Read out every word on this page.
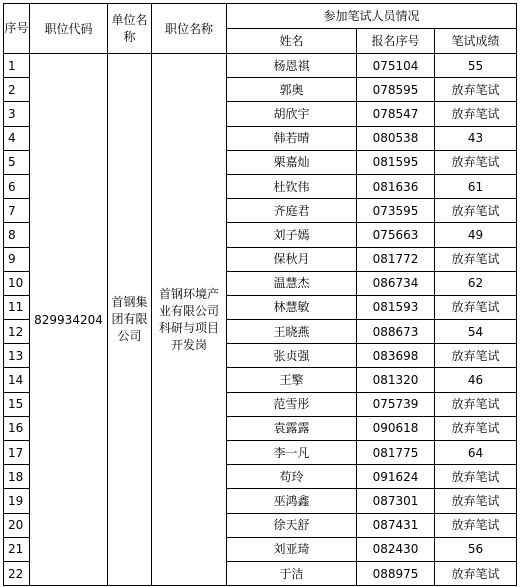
序号	职位代码	单位名称	职位名称	参加笔试人员情况		
				姓名	报名序号	笔试成绩
1	829934204	首钢集团有限公司	首钢环境产业有限公司科研与项目开发岗	杨恩祺	075104	55
2				郭奥	078595	放弃笔试
3				胡欣宇	078547	放弃笔试
4				韩若晴	080538	43
5				栗嘉灿	081595	放弃笔试
6				杜钦伟	081636	61
7				齐庭君	073595	放弃笔试
8				刘子嫣	075663	49
9				保秋月	081772	放弃笔试
10				温慧杰	086734	62
11				林慧敏	081593	放弃笔试
12				王晓燕	088673	54
13				张贞强	083698	放弃笔试
14				王擎	081320	46
15				范雪彤	075739	放弃笔试
16				袁露露	090618	放弃笔试
17				李一凡	081775	64
18				苟玲	091624	放弃笔试
19				巫鸿鑫	087301	放弃笔试
20				徐天舒	087431	放弃笔试
21				刘亚琦	082430	56
22				于洁	088975	放弃笔试
